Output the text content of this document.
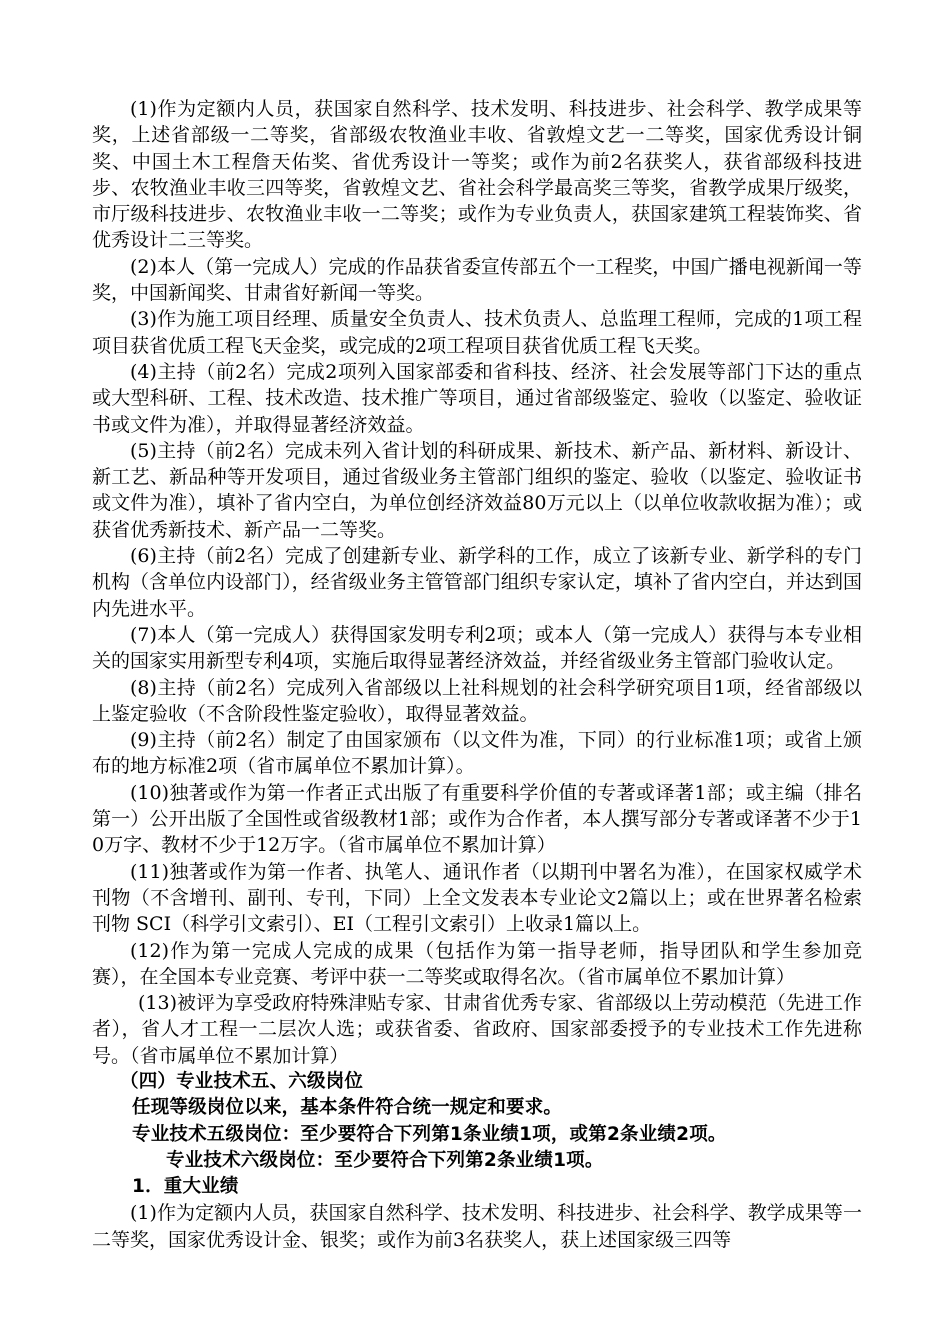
(1)作为定额内人员，获国家自然科学、技术发明、科技进步、社会科学、教学成果等奖，上述省部级一二等奖，省部级农牧渔业丰收、省敦煌文艺一二等奖，国家优秀设计铜奖、中国土木工程詹天佑奖、省优秀设计一等奖；或作为前2名获奖人，获省部级科技进步、农牧渔业丰收三四等奖，省敦煌文艺、省社会科学最高奖三等奖，省教学成果厅级奖，市厅级科技进步、农牧渔业丰收一二等奖；或作为专业负责人，获国家建筑工程装饰奖、省优秀设计二三等奖。

(2)本人（第一完成人）完成的作品获省委宣传部五个一工程奖，中国广播电视新闻一等奖，中国新闻奖、甘肃省好新闻一等奖。

(3)作为施工项目经理、质量安全负责人、技术负责人、总监理工程师，完成的1项工程项目获省优质工程飞天金奖，或完成的2项工程项目获省优质工程飞天奖。

(4)主持（前2名）完成2项列入国家部委和省科技、经济、社会发展等部门下达的重点或大型科研、工程、技术改造、技术推广等项目，通过省部级鉴定、验收（以鉴定、验收证书或文件为准），并取得显著经济效益。

(5)主持（前2名）完成未列入省计划的科研成果、新技术、新产品、新材料、新设计、新工艺、新品种等开发项目，通过省级业务主管部门组织的鉴定、验收（以鉴定、验收证书或文件为准），填补了省内空白，为单位创经济效益80万元以上（以单位收款收据为准）；或获省优秀新技术、新产品一二等奖。

(6)主持（前2名）完成了创建新专业、新学科的工作，成立了该新专业、新学科的专门机构（含单位内设部门），经省级业务主管管部门组织专家认定，填补了省内空白，并达到国内先进水平。

(7)本人（第一完成人）获得国家发明专利2项；或本人（第一完成人）获得与本专业相关的国家实用新型专利4项，实施后取得显著经济效益，并经省级业务主管部门验收认定。

(8)主持（前2名）完成列入省部级以上社科规划的社会科学研究项目1项，经省部级以上鉴定验收（不含阶段性鉴定验收），取得显著效益。

(9)主持（前2名）制定了由国家颁布（以文件为准，下同）的行业标准1项；或省上颁布的地方标准2项（省市属单位不累加计算）。

(10)独著或作为第一作者正式出版了有重要科学价值的专著或译著1部；或主编（排名第一）公开出版了全国性或省级教材1部；或作为合作者，本人撰写部分专著或译著不少于10万字、教材不少于12万字。（省市属单位不累加计算）

(11)独著或作为第一作者、执笔人、通讯作者（以期刊中署名为准），在国家权威学术刊物（不含增刊、副刊、专刊，下同）上全文发表本专业论文2篇以上；或在世界著名检索刊物 SCI（科学引文索引）、EI（工程引文索引）上收录1篇以上。

(12)作为第一完成人完成的成果（包括作为第一指导老师，指导团队和学生参加竞赛），在全国本专业竞赛、考评中获一二等奖或取得名次。（省市属单位不累加计算）

(13)被评为享受政府特殊津贴专家、甘肃省优秀专家、省部级以上劳动模范（先进工作者），省人才工程一二层次人选；或获省委、省政府、国家部委授予的专业技术工作先进称号。（省市属单位不累加计算）

（四）专业技术五、六级岗位

任现等级岗位以来，基本条件符合统一规定和要求。

专业技术五级岗位：至少要符合下列第1条业绩1项，或第2条业绩2项。

专业技术六级岗位：至少要符合下列第2条业绩1项。

1．重大业绩

(1)作为定额内人员，获国家自然科学、技术发明、科技进步、社会科学、教学成果等一二等奖，国家优秀设计金、银奖；或作为前3名获奖人，获上述国家级三四等
